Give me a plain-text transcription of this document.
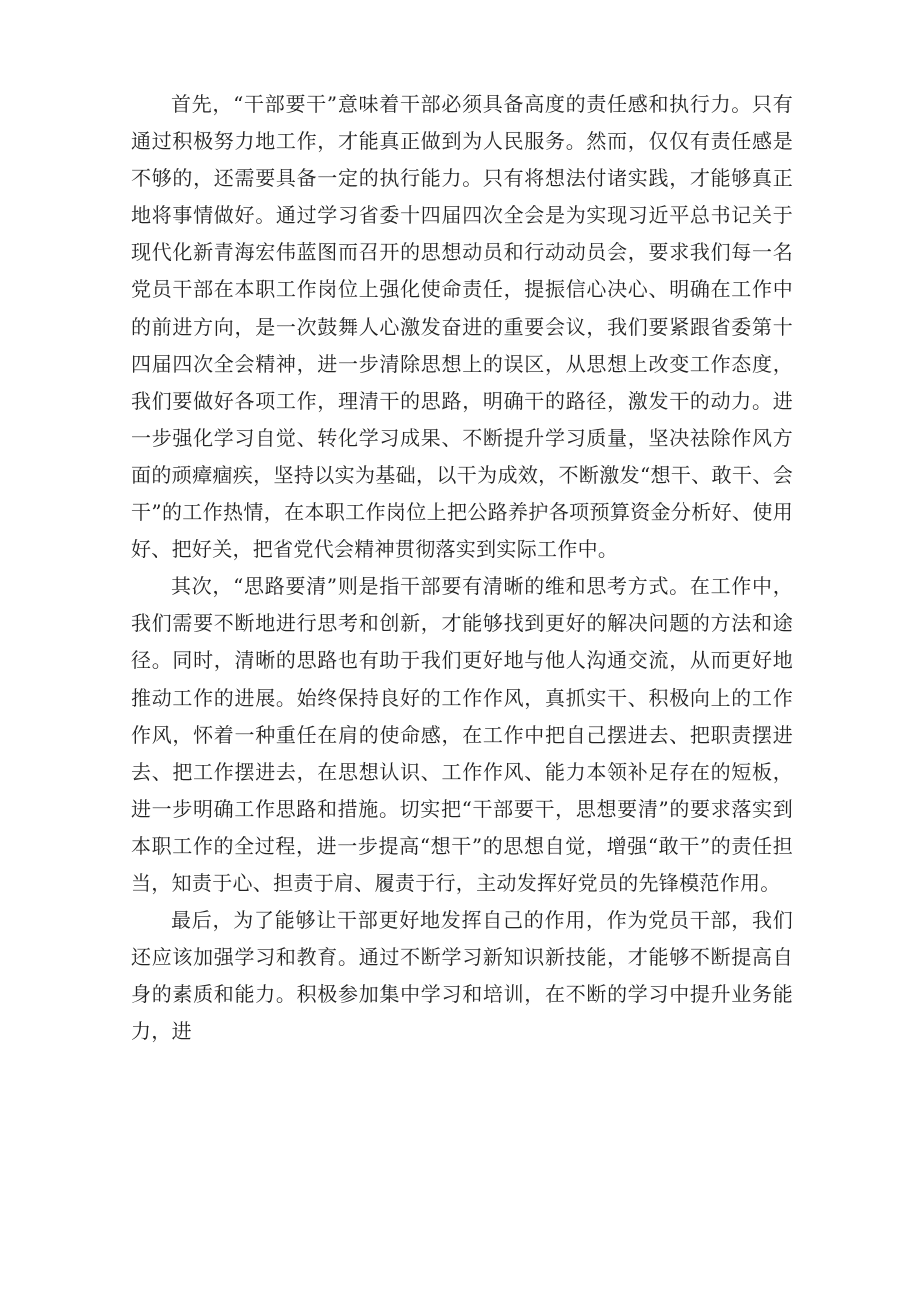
首先，“干部要干”意味着干部必须具备高度的责任感和执行力。只有通过积极努力地工作，才能真正做到为人民服务。然而，仅仅有责任感是不够的，还需要具备一定的执行能力。只有将想法付诸实践，才能够真正地将事情做好。通过学习省委十四届四次全会是为实现习近平总书记关于现代化新青海宏伟蓝图而召开的思想动员和行动动员会，要求我们每一名党员干部在本职工作岗位上强化使命责任，提振信心决心、明确在工作中的前进方向，是一次鼓舞人心激发奋进的重要会议，我们要紧跟省委第十四届四次全会精神，进一步清除思想上的误区，从思想上改变工作态度，我们要做好各项工作，理清干的思路，明确干的路径，激发干的动力。进一步强化学习自觉、转化学习成果、不断提升学习质量，坚决祛除作风方面的顽瘴痼疾，坚持以实为基础，以干为成效，不断激发“想干、敢干、会干”的工作热情，在本职工作岗位上把公路养护各项预算资金分析好、使用好、把好关，把省党代会精神贯彻落实到实际工作中。

其次，“思路要清”则是指干部要有清晰的维和思考方式。在工作中，我们需要不断地进行思考和创新，才能够找到更好的解决问题的方法和途径。同时，清晰的思路也有助于我们更好地与他人沟通交流，从而更好地推动工作的进展。始终保持良好的工作作风，真抓实干、积极向上的工作作风，怀着一种重任在肩的使命感，在工作中把自己摆进去、把职责摆进去、把工作摆进去，在思想认识、工作作风、能力本领补足存在的短板，进一步明确工作思路和措施。切实把“干部要干，思想要清”的要求落实到本职工作的全过程，进一步提高“想干”的思想自觉，增强“敢干”的责任担当，知责于心、担责于肩、履责于行，主动发挥好党员的先锋模范作用。

最后，为了能够让干部更好地发挥自己的作用，作为党员干部，我们还应该加强学习和教育。通过不断学习新知识新技能，才能够不断提高自身的素质和能力。积极参加集中学习和培训，在不断的学习中提升业务能力，进
